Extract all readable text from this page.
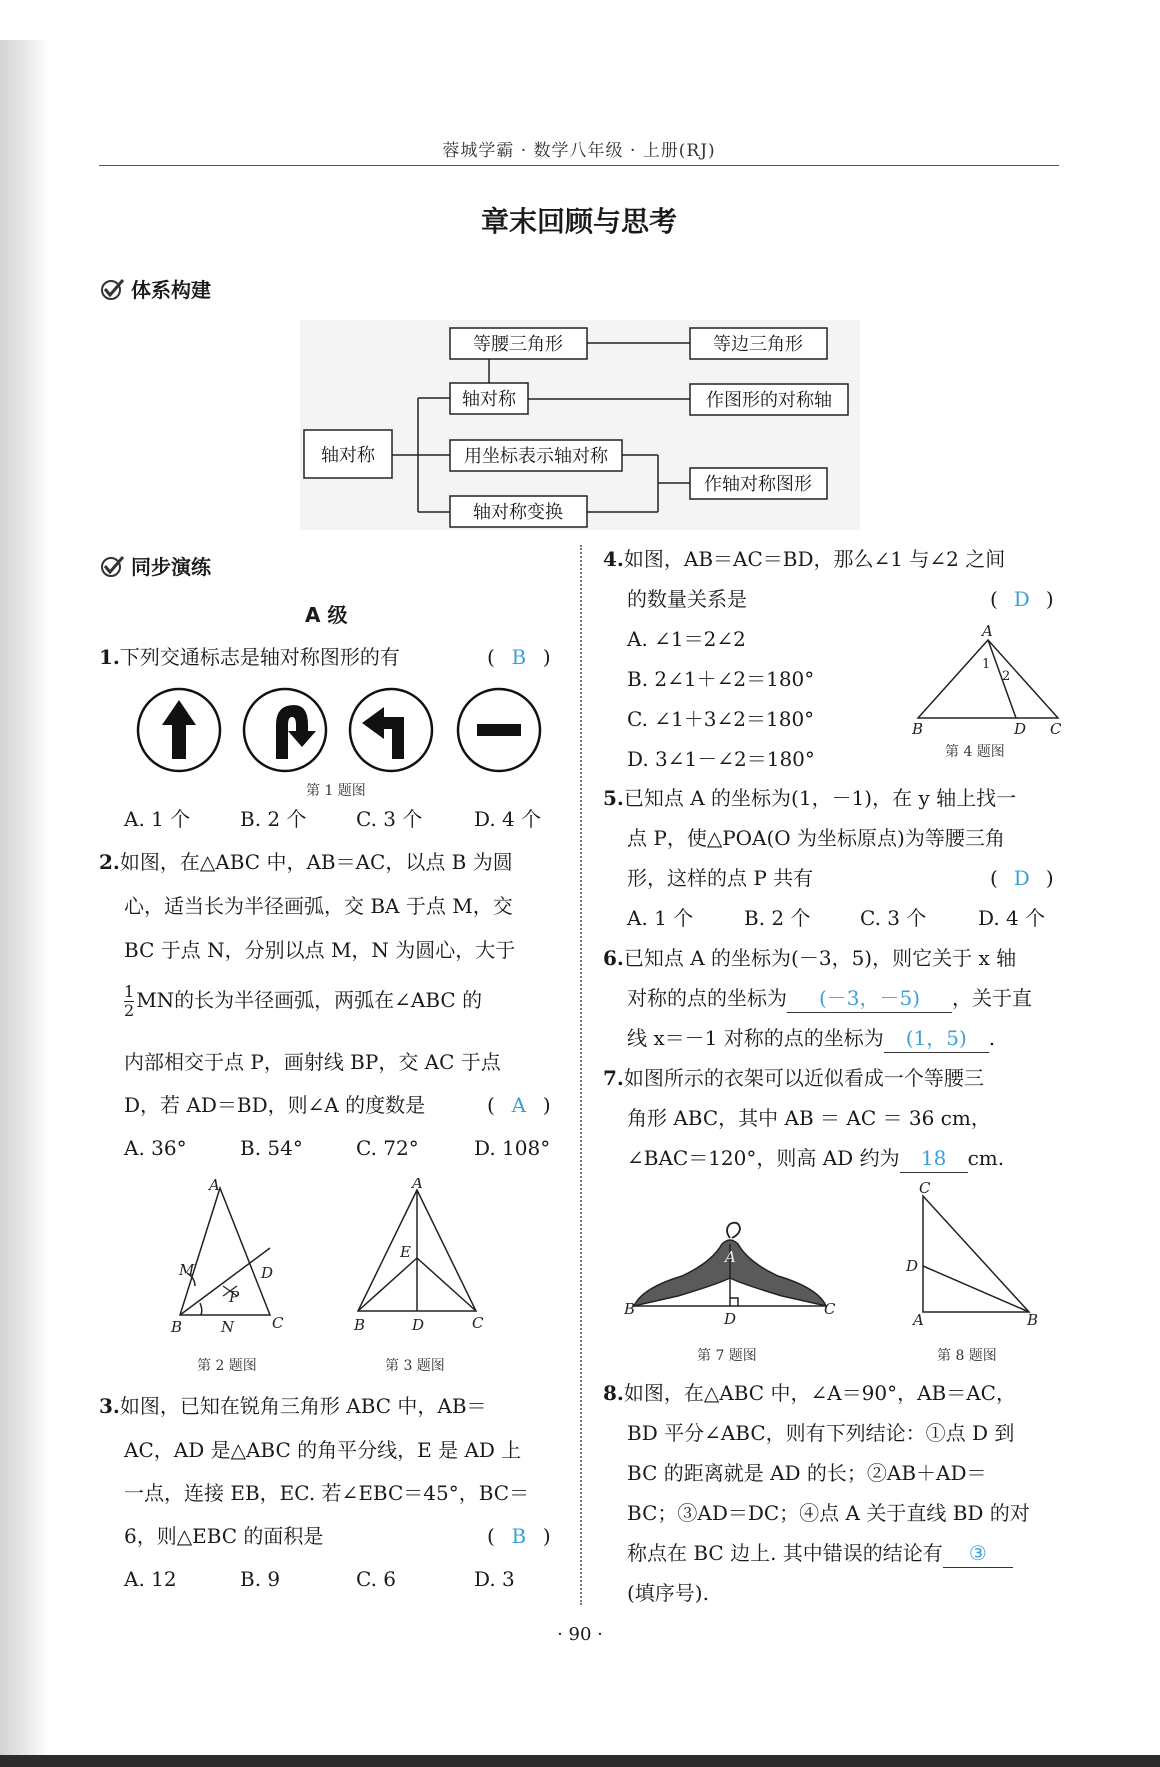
蓉城学霸 · 数学八年级 · 上册(RJ)
章末回顾与思考
体系构建
轴对称
等腰三角形	等边三角形
轴对称	作图形的对称轴
用坐标表示轴对称
作轴对称图形
轴对称变换
同步演练
A 级
1.下列交通标志是轴对称图形的有	( B )
第 1 题图
A. 1 个 B. 2 个 C. 3 个	D. 4 个
2.如图，在△ABC 中，AB＝AC，以点 B 为圆
心，适当长为半径画弧，交 BA 于点 M，交
BC 于点 N，分别以点 M，N 为圆心，大于
$\frac{1}{2}$ MN的长为半径画弧，两弧在∠ABC 的
内部相交于点 P，画射线 BP，交 AC 于点
D，若 AD＝BD，则∠A 的度数是	( A )
A. 36°	B. 54°	C. 72°	D. 108°
A
B	C
M	D
P
N
第 2 题图
A
E
B	D	C
第 3 题图
3.如图，已知在锐角三角形 ABC 中，AB＝
AC，AD 是△ABC 的角平分线，E 是 AD 上
一点，连接 EB，EC. 若∠EBC＝45°，BC＝
6，则△EBC 的面积是	( B )
A. 12	B. 9	C. 6	D. 3
4.如图，AB＝AC＝BD，那么∠1 与∠2 之间
的数量关系是	( D )
A. ∠1＝2∠2
B. 2∠1＋∠2＝180°
C. ∠1＋3∠2＝180°
D. 3∠1－∠2＝180°
A
B	D C
1
2
第 4 题图
5.已知点 A 的坐标为(1，－1)，在 y 轴上找一
点 P，使△POA(O 为坐标原点)为等腰三角
形，这样的点 P 共有	( D )
A. 1 个	B. 2 个 C. 3 个	D. 4 个
6.已知点 A 的坐标为(－3，5)，则它关于 x 轴
对称的点的坐标为 (－3，－5) ，关于直
线 x＝－1 对称的点的坐标为 (1，5) .
7.如图所示的衣架可以近似看成一个等腰三
角形 ABC，其中 AB ＝ AC ＝ 36 cm，
∠BAC＝120°，则高 AD 约为 18 cm.
A
B
D
C
第 7 题图
C
D
A	B
第 8 题图
8.如图，在△ABC 中，∠A＝90°，AB＝AC，
BD 平分∠ABC，则有下列结论：①点 D 到
BC 的距离就是 AD 的长；②AB＋AD＝
BC；③AD＝DC；④点 A 关于直线 BD 的对
称点在 BC 边上. 其中错误的结论有 ③
(填序号).
· 90 ·
